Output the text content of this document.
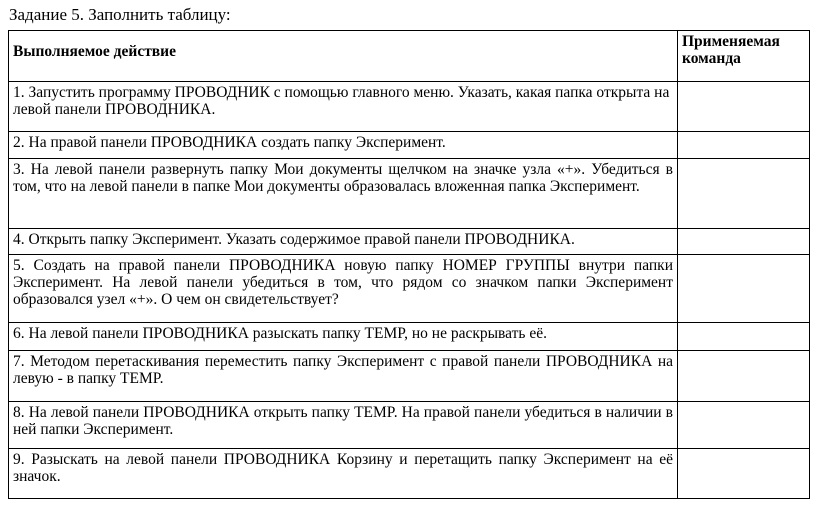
Задание 5. Заполнить таблицу:
Выполняемое действие	Применяемая команда
1. Запустить программу ПРОВОДНИК с помощью главного меню. Указать, какая папка открыта на левой панели ПРОВОДНИКА.	
2. На правой панели ПРОВОДНИКА создать папку Эксперимент.	
3. На левой панели развернуть папку Мои документы щелчком на значке узла «+». Убедиться в том, что на левой панели в папке Мои документы образовалась вложенная папка Эксперимент.	
4. Открыть папку Эксперимент. Указать содержимое правой панели ПРОВОДНИКА.	
5. Создать на правой панели ПРОВОДНИКА новую папку НОМЕР ГРУППЫ внутри папки Эксперимент. На левой панели убедиться в том, что рядом со значком папки Эксперимент образовался узел «+». О чем он свидетельствует?	
6. На левой панели ПРОВОДНИКА разыскать папку TEMP, но не раскрывать её.	
7. Методом перетаскивания переместить папку Эксперимент с правой панели ПРОВОДНИКА на левую - в папку TEMP.	
8. На левой панели ПРОВОДНИКА открыть папку TEMP. На правой панели убедиться в наличии в ней папки Эксперимент.	
9. Разыскать на левой панели ПРОВОДНИКА Корзину и перетащить папку Эксперимент на её значок.	
